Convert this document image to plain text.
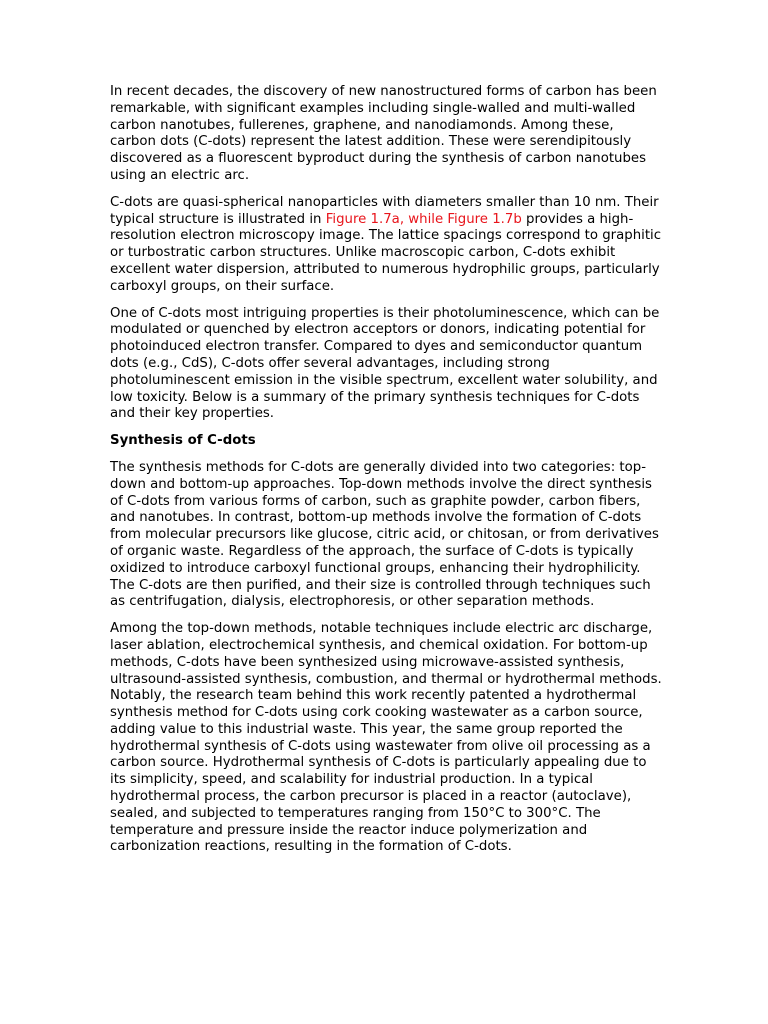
In recent decades, the discovery of new nanostructured forms of carbon has been remarkable, with significant examples including single-walled and multi-walled carbon nanotubes, fullerenes, graphene, and nanodiamonds. Among these, carbon dots (C-dots) represent the latest addition. These were serendipitously discovered as a fluorescent byproduct during the synthesis of carbon nanotubes using an electric arc.

C-dots are quasi-spherical nanoparticles with diameters smaller than 10 nm. Their typical structure is illustrated in Figure 1.7a, while Figure 1.7b provides a high-resolution electron microscopy image. The lattice spacings correspond to graphitic or turbostratic carbon structures. Unlike macroscopic carbon, C-dots exhibit excellent water dispersion, attributed to numerous hydrophilic groups, particularly carboxyl groups, on their surface.

One of C-dots most intriguing properties is their photoluminescence, which can be modulated or quenched by electron acceptors or donors, indicating potential for photoinduced electron transfer. Compared to dyes and semiconductor quantum dots (e.g., CdS), C-dots offer several advantages, including strong photoluminescent emission in the visible spectrum, excellent water solubility, and low toxicity. Below is a summary of the primary synthesis techniques for C-dots and their key properties.

Synthesis of C-dots

The synthesis methods for C-dots are generally divided into two categories: top-down and bottom-up approaches. Top-down methods involve the direct synthesis of C-dots from various forms of carbon, such as graphite powder, carbon fibers, and nanotubes. In contrast, bottom-up methods involve the formation of C-dots from molecular precursors like glucose, citric acid, or chitosan, or from derivatives of organic waste. Regardless of the approach, the surface of C-dots is typically oxidized to introduce carboxyl functional groups, enhancing their hydrophilicity. The C-dots are then purified, and their size is controlled through techniques such as centrifugation, dialysis, electrophoresis, or other separation methods.

Among the top-down methods, notable techniques include electric arc discharge, laser ablation, electrochemical synthesis, and chemical oxidation. For bottom-up methods, C-dots have been synthesized using microwave-assisted synthesis, ultrasound-assisted synthesis, combustion, and thermal or hydrothermal methods. Notably, the research team behind this work recently patented a hydrothermal synthesis method for C-dots using cork cooking wastewater as a carbon source, adding value to this industrial waste. This year, the same group reported the hydrothermal synthesis of C-dots using wastewater from olive oil processing as a carbon source. Hydrothermal synthesis of C-dots is particularly appealing due to its simplicity, speed, and scalability for industrial production. In a typical hydrothermal process, the carbon precursor is placed in a reactor (autoclave), sealed, and subjected to temperatures ranging from 150°C to 300°C. The temperature and pressure inside the reactor induce polymerization and carbonization reactions, resulting in the formation of C-dots.
